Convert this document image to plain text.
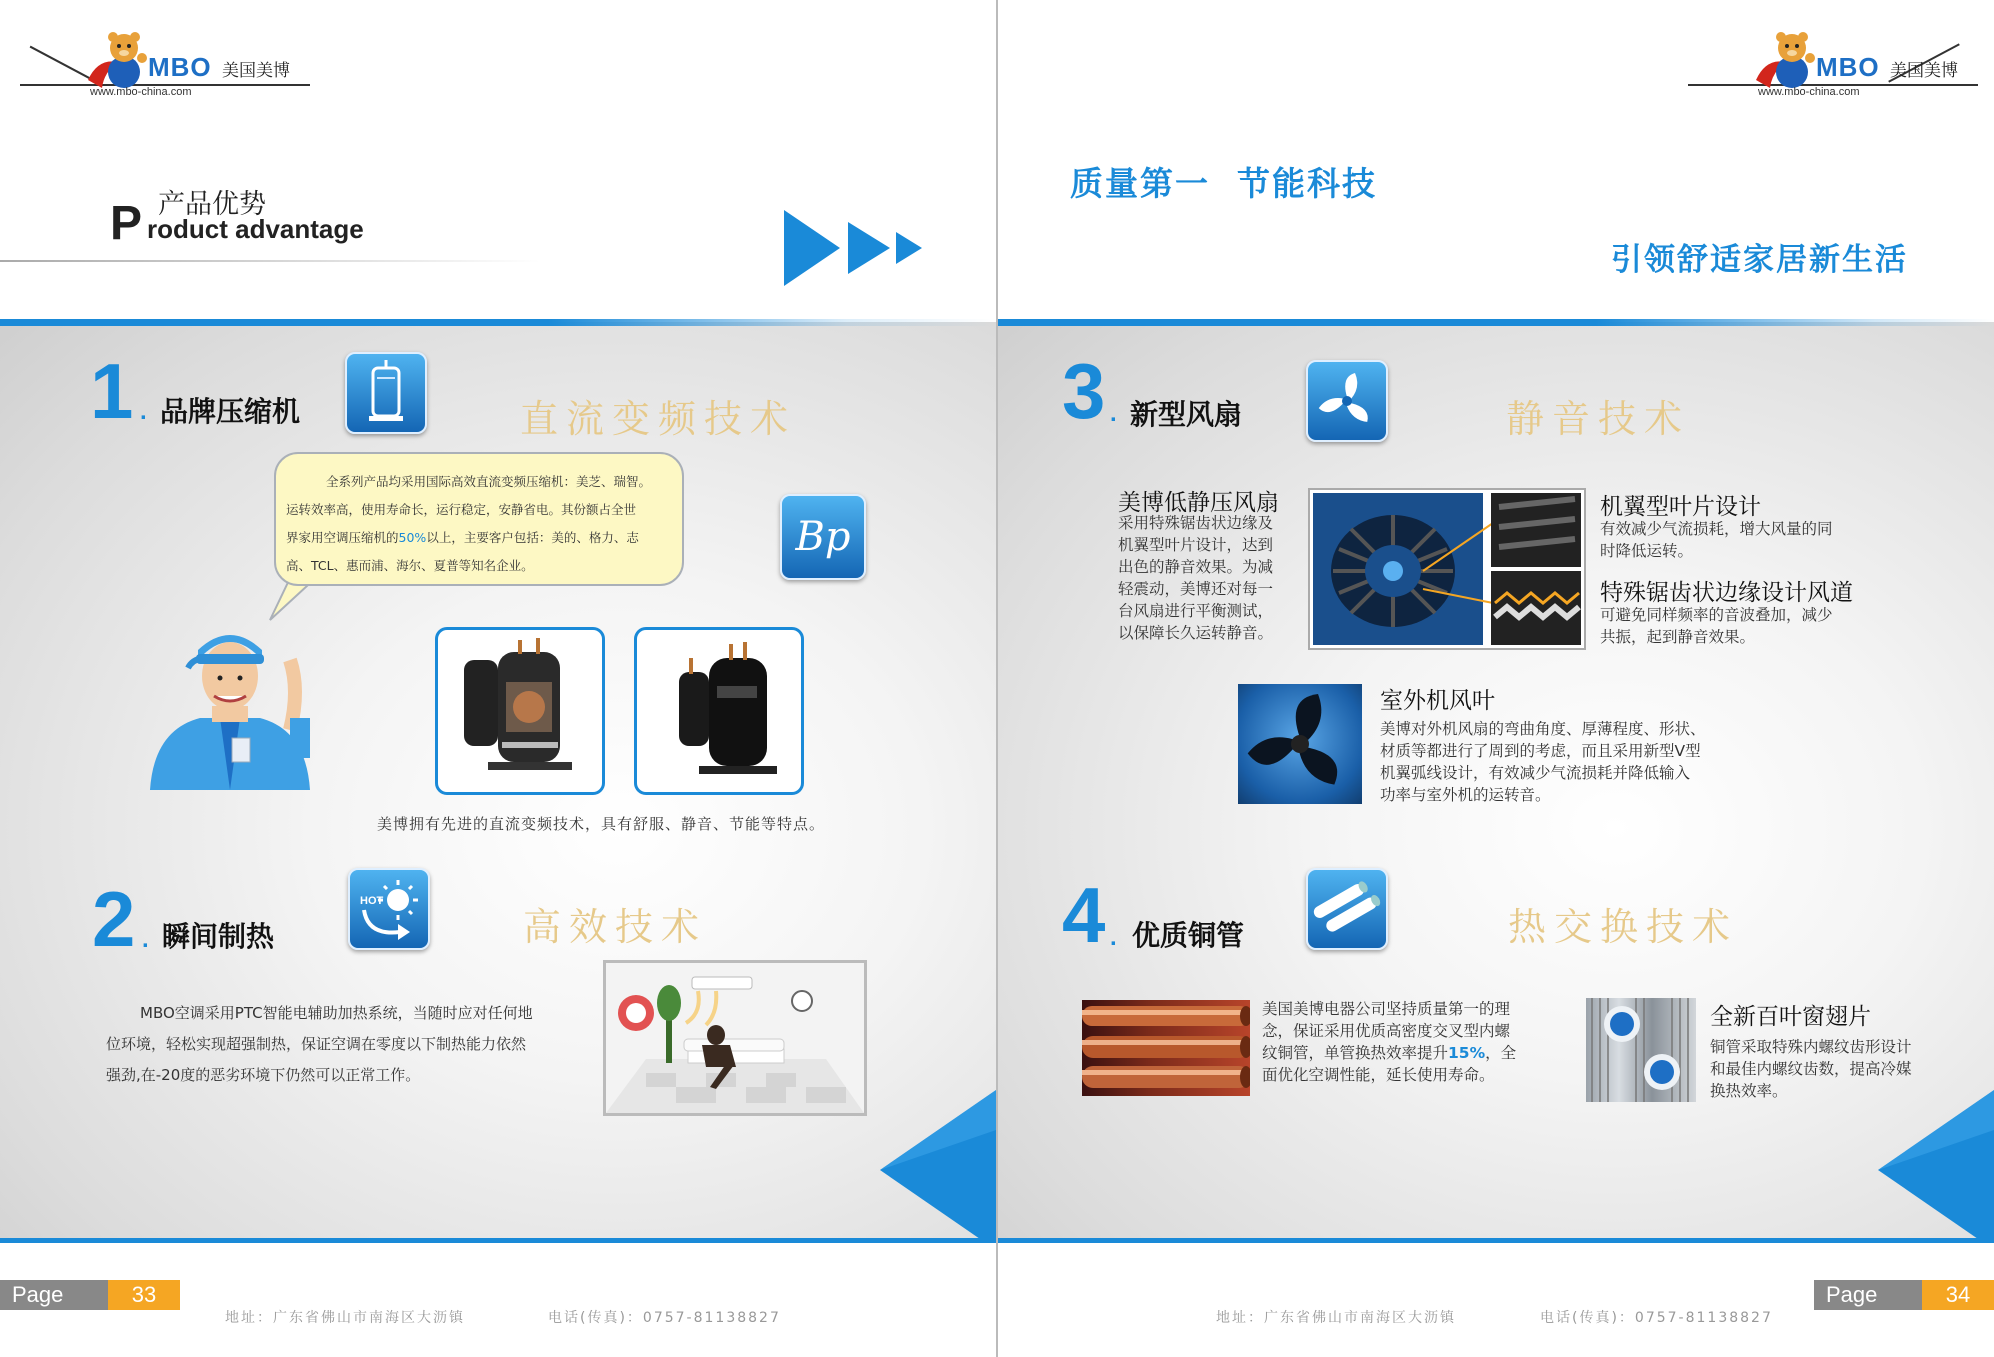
MBO 美国美博
www.mbo-china.com
产品优势
P roduct advantage
1 . 品牌压缩机	直流变频技术
全系列产品均采用国际高效直流变频压缩机：美芝、瑞智。
运转效率高，使用寿命长，运行稳定，安静省电。其份额占全世
界家用空调压缩机的50%以上，主要客户包括：美的、格力、志
高、TCL、惠而浦、海尔、夏普等知名企业。
Bp
美博拥有先进的直流变频技术，具有舒服、静音、节能等特点。
2 . 瞬间制热
HOT
高效技术
MBO空调采用PTC智能电辅助加热系统，当随时应对任何地
位环境，轻松实现超强制热，保证空调在零度以下制热能力依然
强劲,在-20度的恶劣环境下仍然可以正常工作。
Page	33
地址：广东省佛山市南海区大沥镇	电话(传真)：0757-81138827
MBO 美国美博
www.mbo-china.com
质量第一  节能科技
引领舒适家居新生活
3 . 新型风扇	静音技术
美博低静压风扇
采用特殊锯齿状边缘及
机翼型叶片设计，达到
出色的静音效果。为减
轻震动，美博还对每一
台风扇进行平衡测试，
以保障长久运转静音。
机翼型叶片设计
有效减少气流损耗，增大风量的同
时降低运转。
特殊锯齿状边缘设计风道
可避免同样频率的音波叠加，减少
共振，起到静音效果。
室外机风叶
美博对外机风扇的弯曲角度、厚薄程度、形状、
材质等都进行了周到的考虑，而且采用新型V型
机翼弧线设计，有效减少气流损耗并降低输入
功率与室外机的运转音。
4 . 优质铜管	热交换技术
美国美博电器公司坚持质量第一的理
念，保证采用优质高密度交叉型内螺
纹铜管，单管换热效率提升15%，全
面优化空调性能，延长使用寿命。
全新百叶窗翅片
铜管采取特殊内螺纹齿形设计
和最佳内螺纹齿数，提高冷媒
换热效率。
Page	34
地址：广东省佛山市南海区大沥镇	电话(传真)：0757-81138827
